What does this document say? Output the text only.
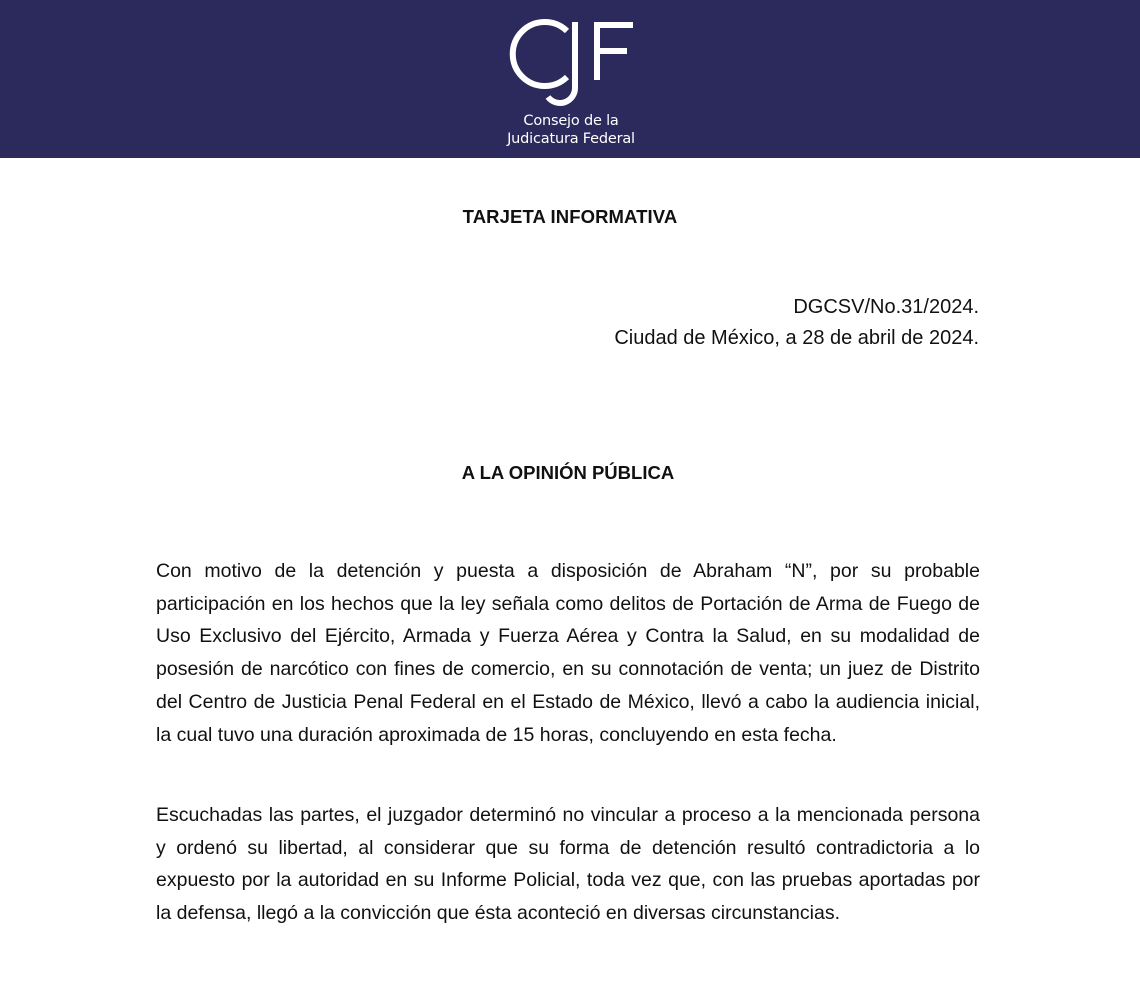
Consejo de la
Judicatura Federal
TARJETA INFORMATIVA
DGCSV/No.31/2024.
Ciudad de México, a 28 de abril de 2024.
A LA OPINIÓN PÚBLICA

Con motivo de la detención y puesta a disposición de Abraham “N”, por su probable participación en los hechos que la ley señala como delitos de Portación de Arma de Fuego de Uso Exclusivo del Ejército, Armada y Fuerza Aérea y Contra la Salud, en su modalidad de posesión de narcótico con fines de comercio, en su connotación de venta; un juez de Distrito del Centro de Justicia Penal Federal en el Estado de México, llevó a cabo la audiencia inicial, la cual tuvo una duración aproximada de 15 horas, concluyendo en esta fecha.

Escuchadas las partes, el juzgador determinó no vincular a proceso a la mencionada persona y ordenó su libertad, al considerar que su forma de detención resultó contradictoria a lo expuesto por la autoridad en su Informe Policial, toda vez que, con las pruebas aportadas por la defensa, llegó a la convicción que ésta aconteció en diversas circunstancias.
